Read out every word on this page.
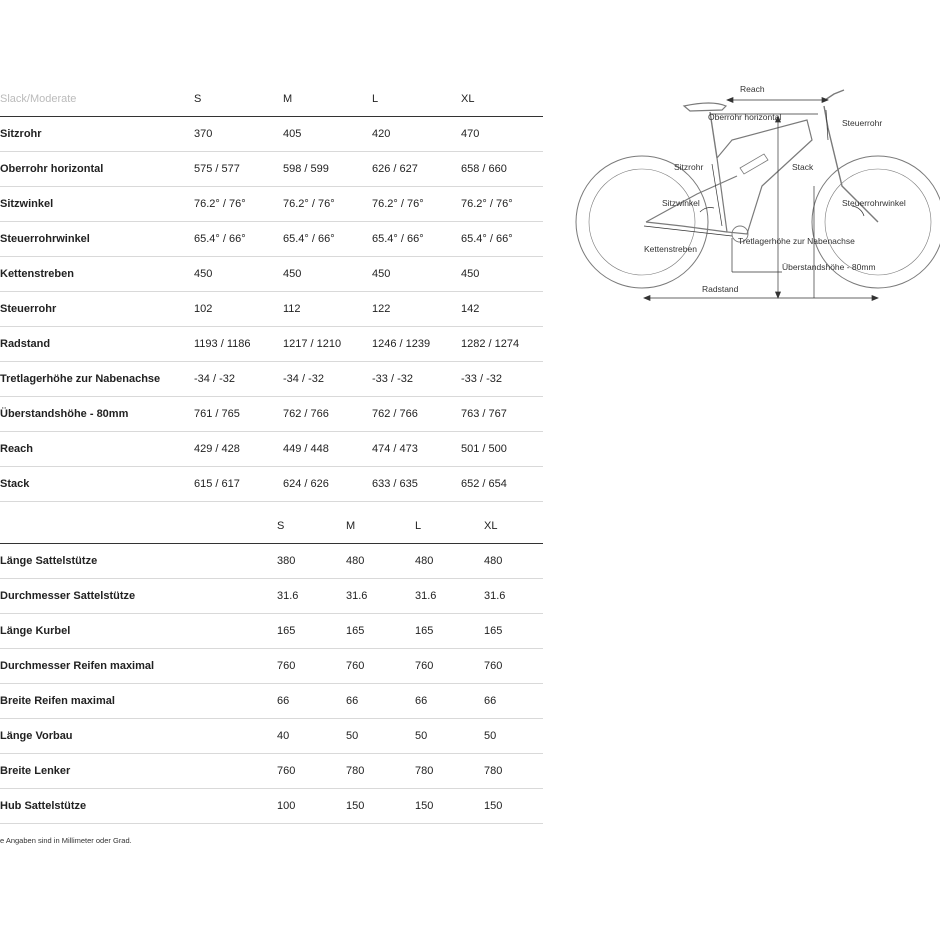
Slack/Moderate	S	M	L	XL
Sitzrohr	370	405	420	470
Oberrohr horizontal	575 / 577	598 / 599	626 / 627	658 / 660
Sitzwinkel	76.2° / 76°	76.2° / 76°	76.2° / 76°	76.2° / 76°
Steuerrohrwinkel	65.4° / 66°	65.4° / 66°	65.4° / 66°	65.4° / 66°
Kettenstreben	450	450	450	450
Steuerrohr	102	112	122	142
Radstand	1193 / 1186	1217 / 1210	1246 / 1239	1282 / 1274
Tretlagerhöhe zur Nabenachse	-34 / -32	-34 / -32	-33 / -32	-33 / -32
Überstandshöhe - 80mm	761 / 765	762 / 766	762 / 766	763 / 767
Reach	429 / 428	449 / 448	474 / 473	501 / 500
Stack	615 / 617	624 / 626	633 / 635	652 / 654
	S	M	L	XL
Länge Sattelstütze	380	480	480	480
Durchmesser Sattelstütze	31.6	31.6	31.6	31.6
Länge Kurbel	165	165	165	165
Durchmesser Reifen maximal	760	760	760	760
Breite Reifen maximal	66	66	66	66
Länge Vorbau	40	50	50	50
Breite Lenker	760	780	780	780
Hub Sattelstütze	100	150	150	150
e Angaben sind in Millimeter oder Grad.
Reach
Oberrohr horizontal
Steuerrohr
Stack
Sitzrohr
Sitzwinkel	Steuerrohrwinkel
Kettenstreben
Tretlagerhöhe zur Nabenachse
Überstandshöhe - 80mm
Radstand
